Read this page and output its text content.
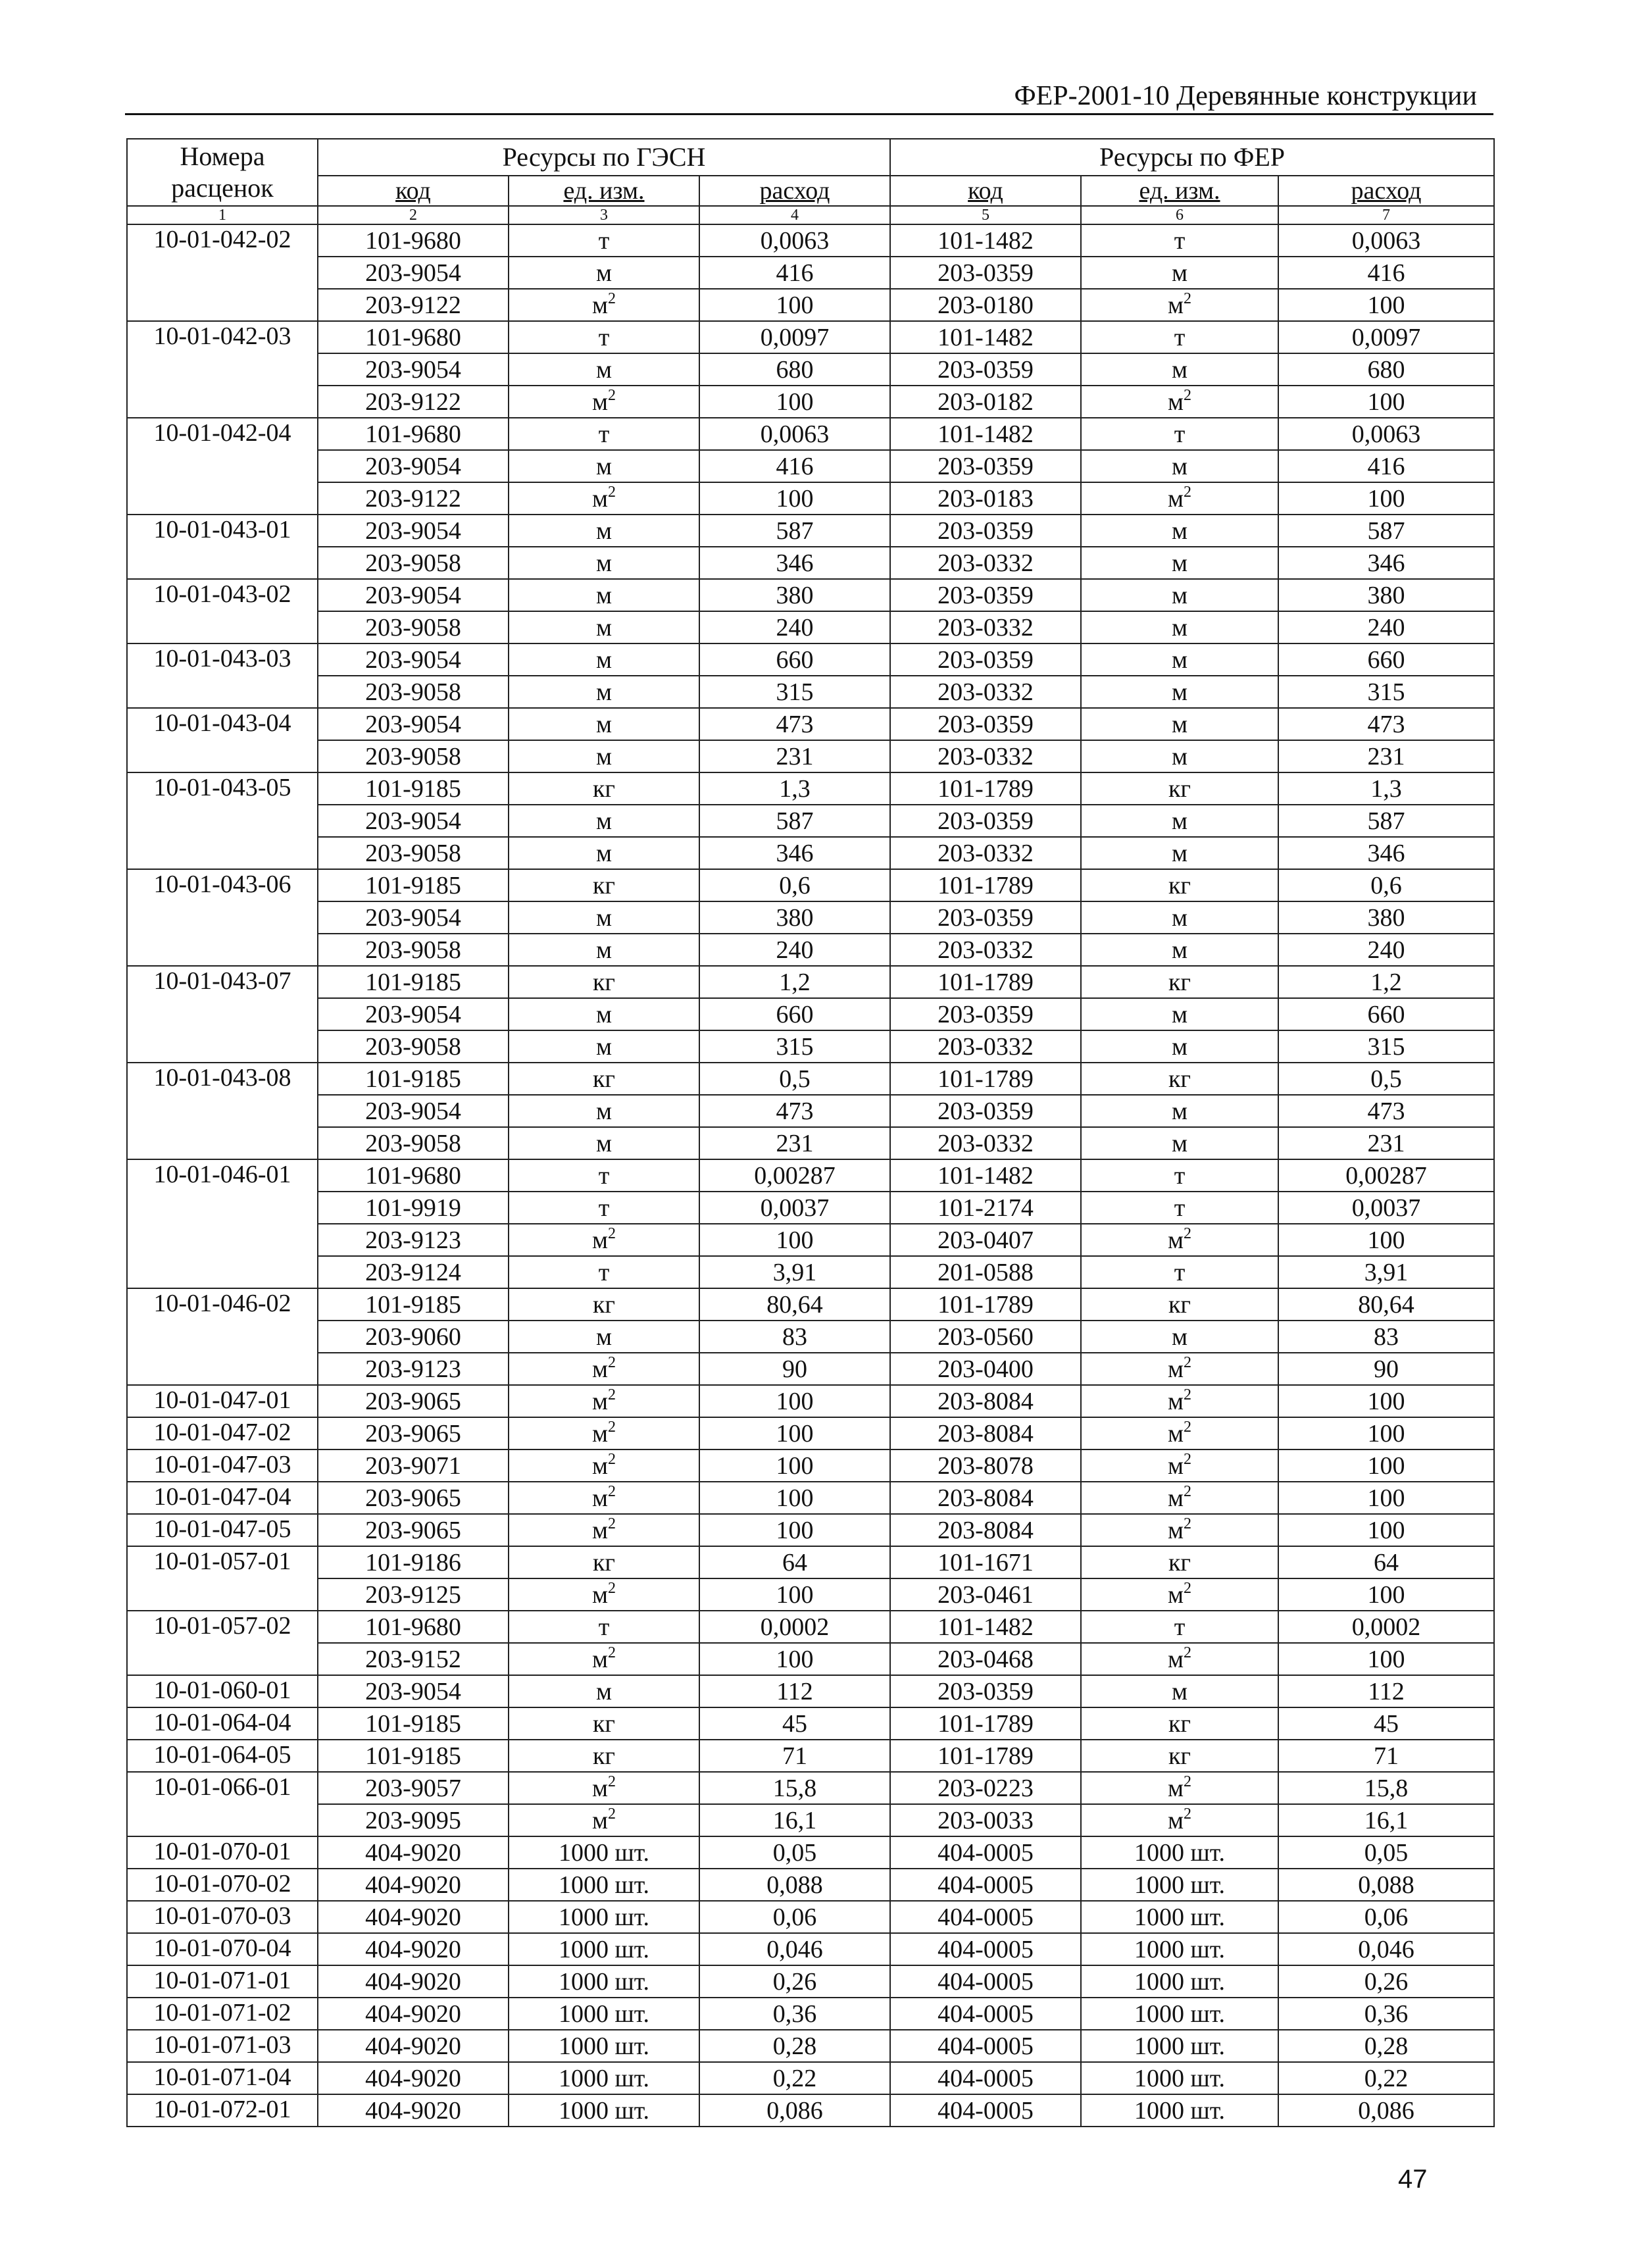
ФЕР-2001-10 Деревянные конструкции
Номера расценок	Ресурсы по ГЭСН			Ресурсы по ФЕР		
	код	ед. изм.	расход	код	ед. изм.	расход
1	2	3	4	5	6	7
10-01-042-02	101-9680	т	0,0063	101-1482	т	0,0063
	203-9054	м	416	203-0359	м	416
	203-9122	$м^2$	100	203-0180	$м^2$	100
10-01-042-03	101-9680	т	0,0097	101-1482	т	0,0097
	203-9054	м	680	203-0359	м	680
	203-9122	$м^2$	100	203-0182	$м^2$	100
10-01-042-04	101-9680	т	0,0063	101-1482	т	0,0063
	203-9054	м	416	203-0359	м	416
	203-9122	$м^2$	100	203-0183	$м^2$	100
10-01-043-01	203-9054	м	587	203-0359	м	587
	203-9058	м	346	203-0332	м	346
10-01-043-02	203-9054	м	380	203-0359	м	380
	203-9058	м	240	203-0332	м	240
10-01-043-03	203-9054	м	660	203-0359	м	660
	203-9058	м	315	203-0332	м	315
10-01-043-04	203-9054	м	473	203-0359	м	473
	203-9058	м	231	203-0332	м	231
10-01-043-05	101-9185	кг	1,3	101-1789	кг	1,3
	203-9054	м	587	203-0359	м	587
	203-9058	м	346	203-0332	м	346
10-01-043-06	101-9185	кг	0,6	101-1789	кг	0,6
	203-9054	м	380	203-0359	м	380
	203-9058	м	240	203-0332	м	240
10-01-043-07	101-9185	кг	1,2	101-1789	кг	1,2
	203-9054	м	660	203-0359	м	660
	203-9058	м	315	203-0332	м	315
10-01-043-08	101-9185	кг	0,5	101-1789	кг	0,5
	203-9054	м	473	203-0359	м	473
	203-9058	м	231	203-0332	м	231
10-01-046-01	101-9680	т	0,00287	101-1482	т	0,00287
	101-9919	т	0,0037	101-2174	т	0,0037
	203-9123	$м^2$	100	203-0407	$м^2$	100
	203-9124	т	3,91	201-0588	т	3,91
10-01-046-02	101-9185	кг	80,64	101-1789	кг	80,64
	203-9060	м	83	203-0560	м	83
	203-9123	$м^2$	90	203-0400	$м^2$	90
10-01-047-01	203-9065	$м^2$	100	203-8084	$м^2$	100
10-01-047-02	203-9065	$м^2$	100	203-8084	$м^2$	100
10-01-047-03	203-9071	$м^2$	100	203-8078	$м^2$	100
10-01-047-04	203-9065	$м^2$	100	203-8084	$м^2$	100
10-01-047-05	203-9065	$м^2$	100	203-8084	$м^2$	100
10-01-057-01	101-9186	кг	64	101-1671	кг	64
	203-9125	$м^2$	100	203-0461	$м^2$	100
10-01-057-02	101-9680	т	0,0002	101-1482	т	0,0002
	203-9152	$м^2$	100	203-0468	$м^2$	100
10-01-060-01	203-9054	м	112	203-0359	м	112
10-01-064-04	101-9185	кг	45	101-1789	кг	45
10-01-064-05	101-9185	кг	71	101-1789	кг	71
10-01-066-01	203-9057	$м^2$	15,8	203-0223	$м^2$	15,8
	203-9095	$м^2$	16,1	203-0033	$м^2$	16,1
10-01-070-01	404-9020	1000 шт.	0,05	404-0005	1000 шт.	0,05
10-01-070-02	404-9020	1000 шт.	0,088	404-0005	1000 шт.	0,088
10-01-070-03	404-9020	1000 шт.	0,06	404-0005	1000 шт.	0,06
10-01-070-04	404-9020	1000 шт.	0,046	404-0005	1000 шт.	0,046
10-01-071-01	404-9020	1000 шт.	0,26	404-0005	1000 шт.	0,26
10-01-071-02	404-9020	1000 шт.	0,36	404-0005	1000 шт.	0,36
10-01-071-03	404-9020	1000 шт.	0,28	404-0005	1000 шт.	0,28
10-01-071-04	404-9020	1000 шт.	0,22	404-0005	1000 шт.	0,22
10-01-072-01	404-9020	1000 шт.	0,086	404-0005	1000 шт.	0,086
47
